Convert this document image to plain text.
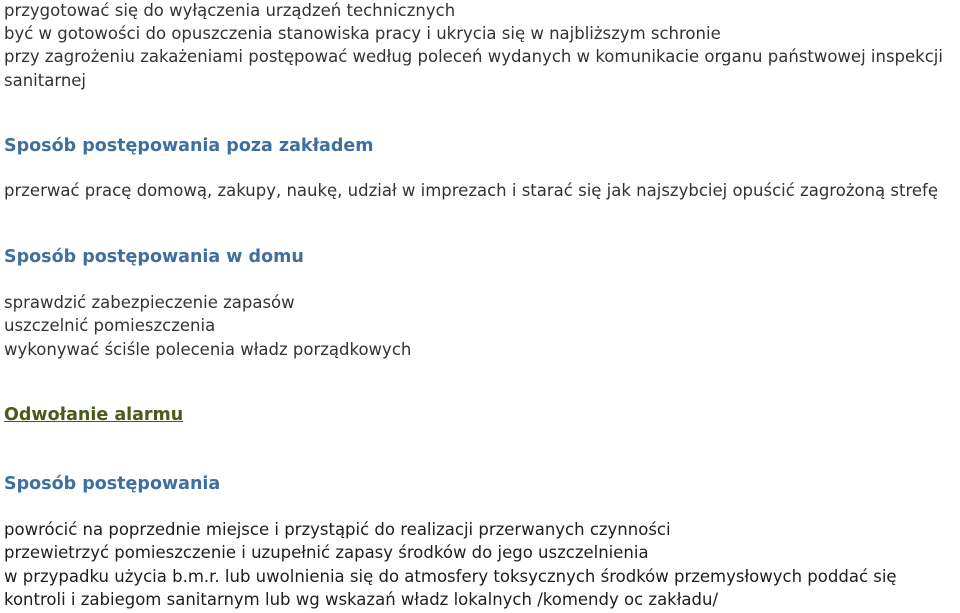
przygotować się do wyłączenia urządzeń technicznych
być w gotowości do opuszczenia stanowiska pracy i ukrycia się w najbliższym schronie
przy zagrożeniu zakażeniami postępować według poleceń wydanych w komunikacie organu państwowej inspekcji
sanitarnej
Sposób postępowania poza zakładem
przerwać pracę domową, zakupy, naukę, udział w imprezach i starać się jak najszybciej opuścić zagrożoną strefę
Sposób postępowania w domu
sprawdzić zabezpieczenie zapasów
uszczelnić pomieszczenia
wykonywać ściśle polecenia władz porządkowych
Odwołanie alarmu
Sposób postępowania
powrócić na poprzednie miejsce i przystąpić do realizacji przerwanych czynności
przewietrzyć pomieszczenie i uzupełnić zapasy środków do jego uszczelnienia
w przypadku użycia b.m.r. lub uwolnienia się do atmosfery toksycznych środków przemysłowych poddać się
kontroli i zabiegom sanitarnym lub wg wskazań władz lokalnych /komendy oc zakładu/
